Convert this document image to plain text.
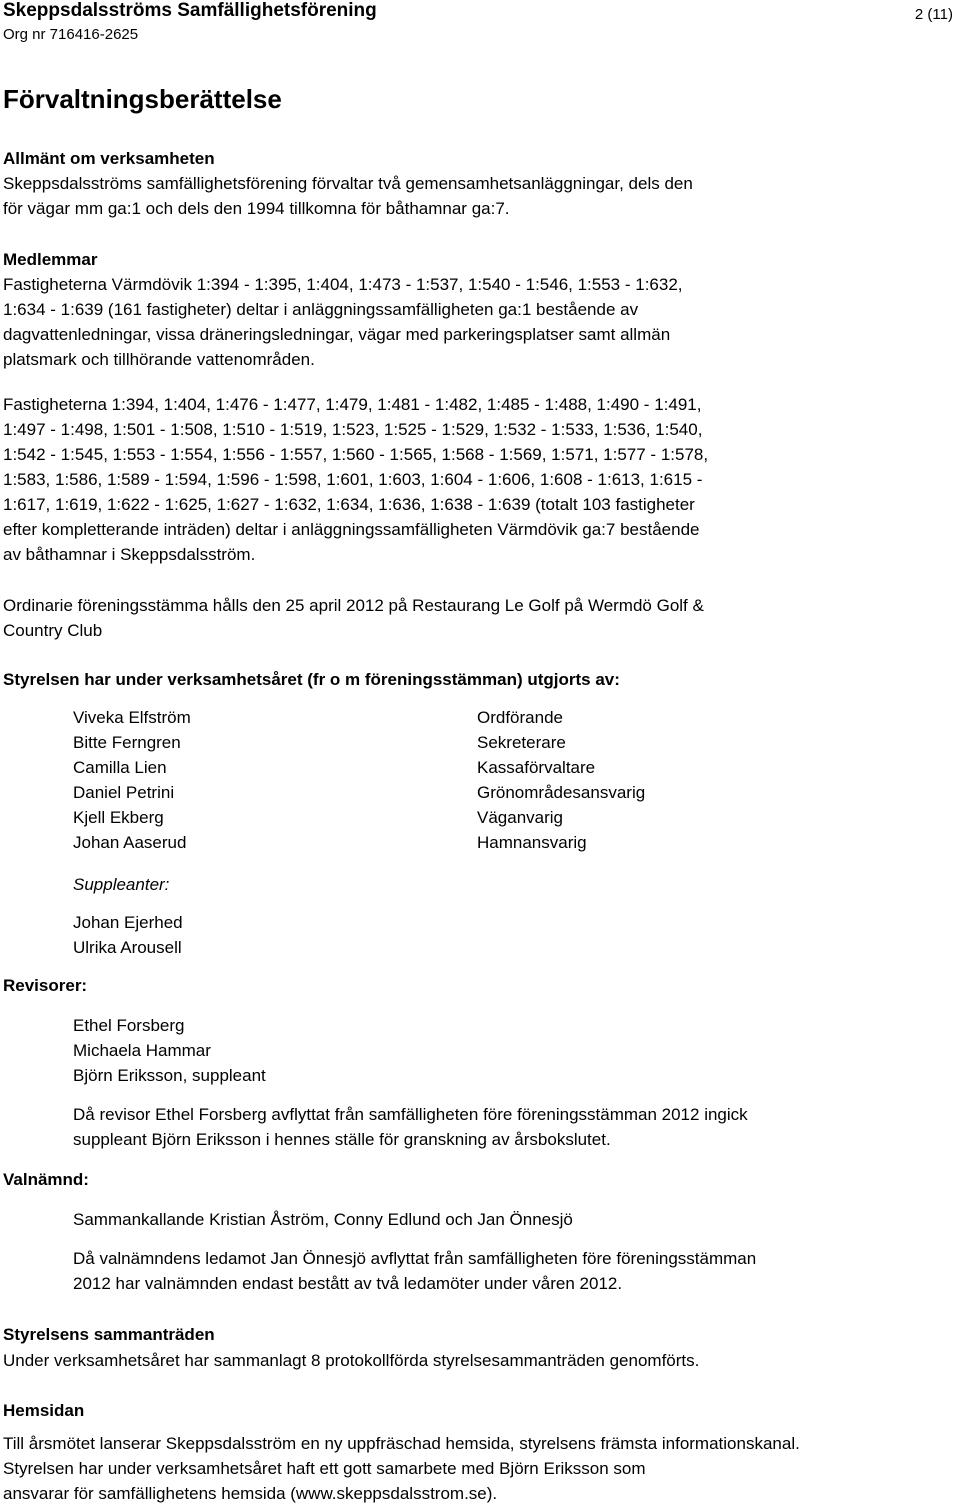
Skeppsdalsströms Samfällighetsförening
Org nr 716416-2625
2 (11)
Förvaltningsberättelse
Allmänt om verksamheten
Skeppsdalsströms samfällighetsförening förvaltar två gemensamhetsanläggningar, dels den
för vägar mm ga:1 och dels den 1994 tillkomna för båthamnar ga:7.
Medlemmar
Fastigheterna Värmdövik 1:394 - 1:395, 1:404, 1:473 - 1:537, 1:540 - 1:546, 1:553 - 1:632,
1:634 - 1:639 (161 fastigheter) deltar i anläggningssamfälligheten ga:1 bestående av
dagvattenledningar, vissa dräneringsledningar, vägar med parkeringsplatser samt allmän
platsmark och tillhörande vattenområden.
Fastigheterna 1:394, 1:404, 1:476 - 1:477, 1:479, 1:481 - 1:482, 1:485 - 1:488, 1:490 - 1:491,
1:497 - 1:498, 1:501 - 1:508, 1:510 - 1:519, 1:523, 1:525 - 1:529, 1:532 - 1:533, 1:536, 1:540,
1:542 - 1:545, 1:553 - 1:554, 1:556 - 1:557, 1:560 - 1:565, 1:568 - 1:569, 1:571, 1:577 - 1:578,
1:583, 1:586, 1:589 - 1:594, 1:596 - 1:598, 1:601, 1:603, 1:604 - 1:606, 1:608 - 1:613, 1:615 -
1:617, 1:619, 1:622 - 1:625, 1:627 - 1:632, 1:634, 1:636, 1:638 - 1:639 (totalt 103 fastigheter
efter kompletterande inträden) deltar i anläggningssamfälligheten Värmdövik ga:7 bestående
av båthamnar i Skeppsdalsström.
Ordinarie föreningsstämma hålls den 25 april 2012 på Restaurang Le Golf på Wermdö Golf &
Country Club
Styrelsen har under verksamhetsåret (fr o m föreningsstämman) utgjorts av:
Viveka Elfström	Ordförande
Bitte Ferngren	Sekreterare
Camilla Lien	Kassaförvaltare
Daniel Petrini	Grönområdesansvarig
Kjell Ekberg	Väganvarig
Johan Aaserud	Hamnansvarig
Suppleanter:
Johan Ejerhed
Ulrika Arousell
Revisorer:
Ethel Forsberg
Michaela Hammar
Björn Eriksson, suppleant
Då revisor Ethel Forsberg avflyttat från samfälligheten före föreningsstämman 2012 ingick
suppleant Björn Eriksson i hennes ställe för granskning av årsbokslutet.
Valnämnd:
Sammankallande Kristian Åström, Conny Edlund och Jan Önnesjö
Då valnämndens ledamot Jan Önnesjö avflyttat från samfälligheten före föreningsstämman
2012 har valnämnden endast bestått av två ledamöter under våren 2012.
Styrelsens sammanträden
Under verksamhetsåret har sammanlagt 8 protokollförda styrelsesammanträden genomförts.
Hemsidan
Till årsmötet lanserar Skeppsdalsström en ny uppfräschad hemsida, styrelsens främsta informationskanal.
Styrelsen har under verksamhetsåret haft ett gott samarbete med Björn Eriksson som
ansvarar för samfällighetens hemsida (www.skeppsdalsstrom.se).
